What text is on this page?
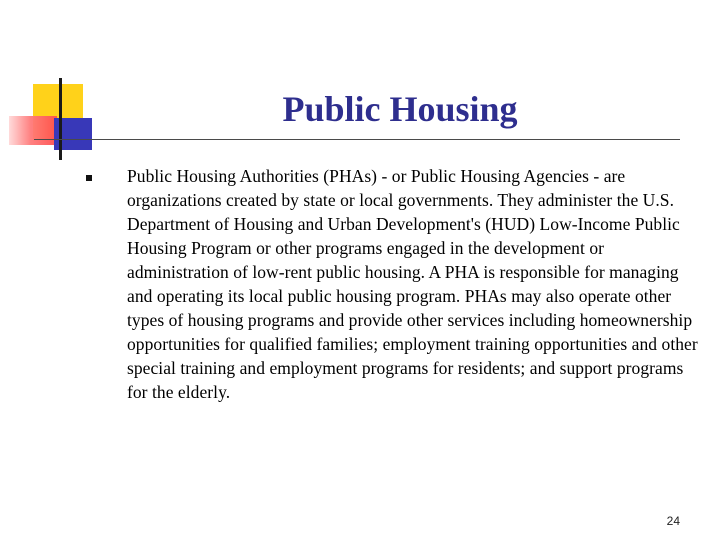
Public Housing

Public Housing Authorities (PHAs) - or Public Housing Agencies - are organizations created by state or local governments. They administer the U.S. Department of Housing and Urban Development's (HUD) Low-Income Public Housing Program or other programs engaged in the development or administration of low-rent public housing. A PHA is responsible for managing and operating its local public housing program. PHAs may also operate other types of housing programs and provide other services including homeownership opportunities for qualified families; employment training opportunities and other special training and employment programs for residents; and support programs for the elderly.

24
